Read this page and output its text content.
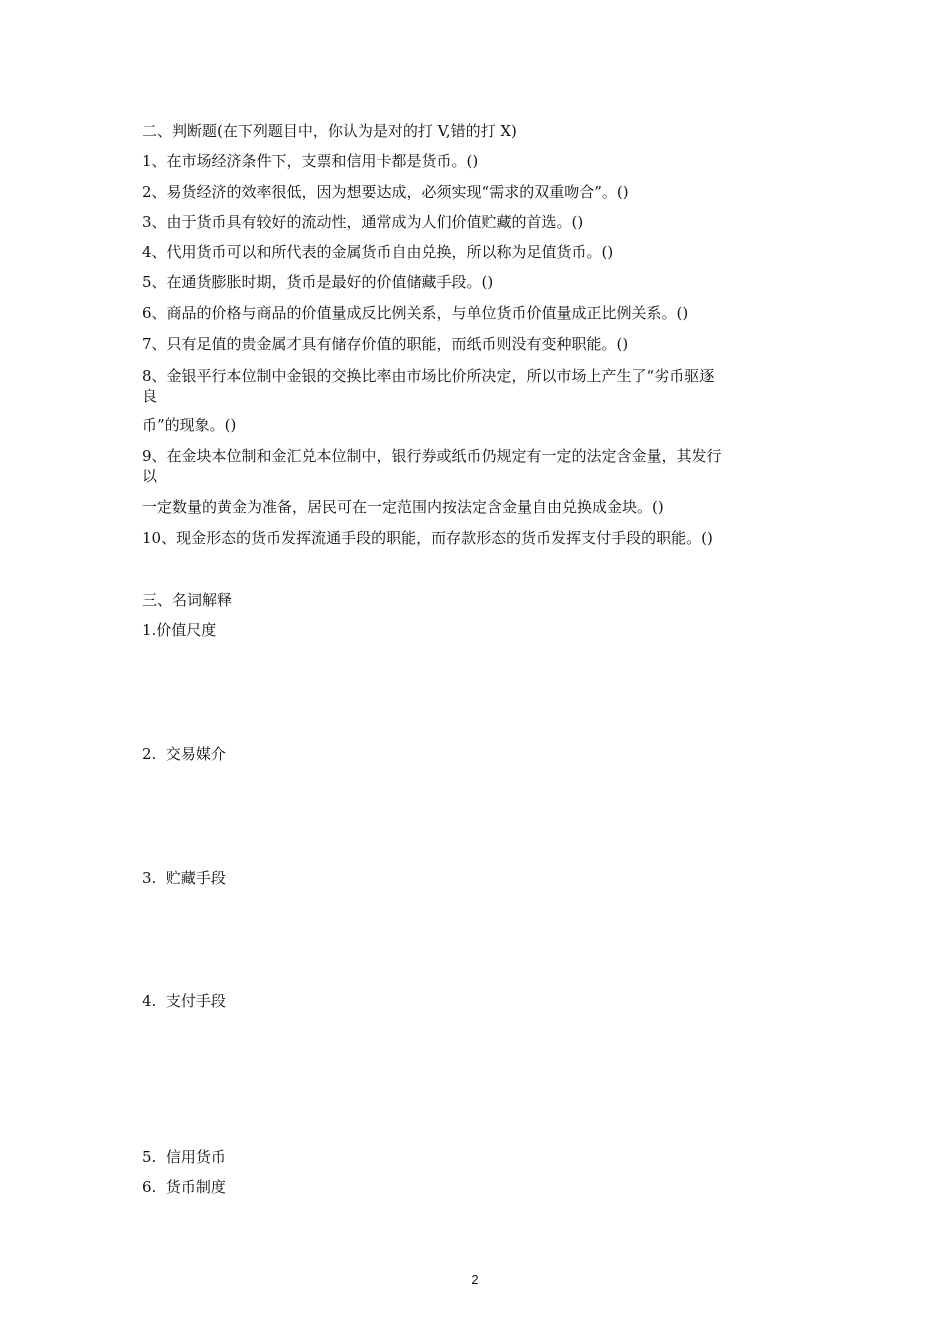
二、判断题(在下列题目中，你认为是对的打 V,错的打 X)
1、在市场经济条件下，支票和信用卡都是货币。()
2、易货经济的效率很低，因为想要达成，必须实现“需求的双重吻合”。()
3、由于货币具有较好的流动性，通常成为人们价值贮藏的首选。()
4、代用货币可以和所代表的金属货币自由兑换，所以称为足值货币。()
5、在通货膨胀时期，货币是最好的价值储藏手段。()
6、商品的价格与商品的价值量成反比例关系，与单位货币价值量成正比例关系。()
7、只有足值的贵金属才具有储存价值的职能，而纸币则没有变种职能。()
8、金银平行本位制中金银的交换比率由市场比价所决定，所以市场上产生了“劣币驱逐
良
币”的现象。()
9、在金块本位制和金汇兑本位制中，银行券或纸币仍规定有一定的法定含金量，其发行
以
一定数量的黄金为准备，居民可在一定范围内按法定含金量自由兑换成金块。()
10、现金形态的货币发挥流通手段的职能，而存款形态的货币发挥支付手段的职能。()
三、名词解释
1.价值尺度
2.  交易媒介
3.  贮藏手段
4.  支付手段
5.  信用货币
6.  货币制度
2
